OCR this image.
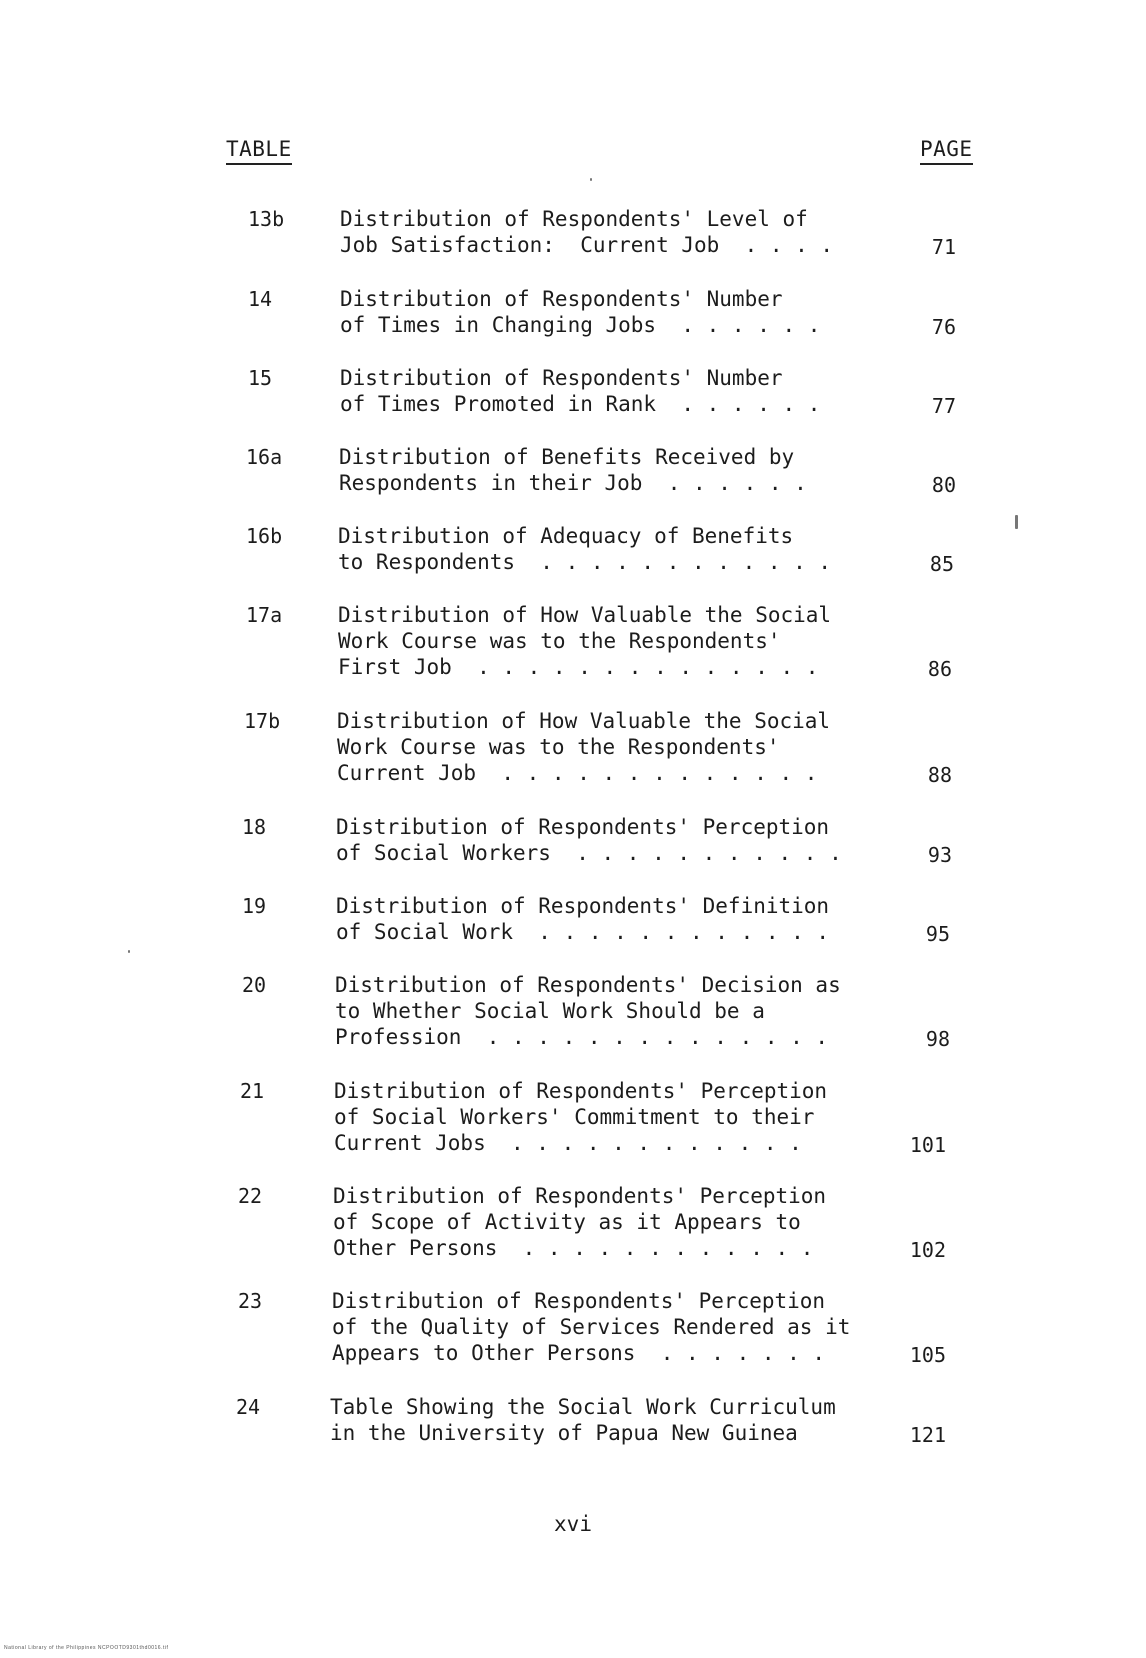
TABLE	PAGE
13b	Distribution of Respondents' Level of
Job Satisfaction:  Current Job  . . . .	71
14	Distribution of Respondents' Number
of Times in Changing Jobs  . . . . . .	76
15	Distribution of Respondents' Number
of Times Promoted in Rank  . . . . . .	77
16a	Distribution of Benefits Received by
Respondents in their Job  . . . . . .	80
16b	Distribution of Adequacy of Benefits
to Respondents  . . . . . . . . . . . .	85
17a	Distribution of How Valuable the Social
Work Course was to the Respondents'
First Job  . . . . . . . . . . . . . .	86
17b	Distribution of How Valuable the Social
Work Course was to the Respondents'
Current Job  . . . . . . . . . . . . .	88
18	Distribution of Respondents' Perception
of Social Workers  . . . . . . . . . . .	93
19	Distribution of Respondents' Definition
of Social Work  . . . . . . . . . . . .	95
20	Distribution of Respondents' Decision as
to Whether Social Work Should be a
Profession  . . . . . . . . . . . . . .	98
21	Distribution of Respondents' Perception
of Social Workers' Commitment to their
Current Jobs  . . . . . . . . . . . .	101
22	Distribution of Respondents' Perception
of Scope of Activity as it Appears to
Other Persons  . . . . . . . . . . . .	102
23	Distribution of Respondents' Perception
of the Quality of Services Rendered as it
Appears to Other Persons  . . . . . . .	105
24	Table Showing the Social Work Curriculum
in the University of Papua New Guinea	121
xvi
National Library of the Philippines NCPOOTD9301thd0016.tif
